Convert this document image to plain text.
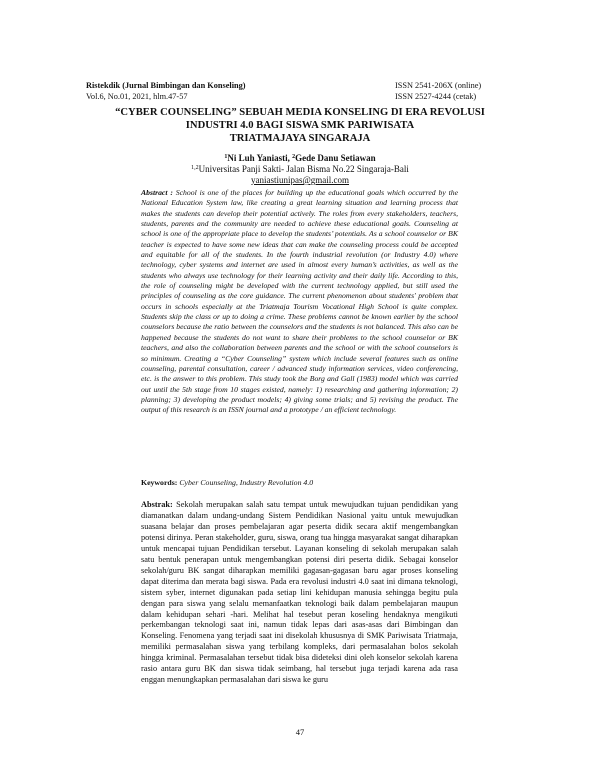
Ristekdik (Jurnal Bimbingan dan Konseling)
Vol.6, No.01, 2021, hlm.47-57
ISSN 2541-206X (online)
ISSN 2527-4244 (cetak)
“CYBER COUNSELING” SEBUAH MEDIA KONSELING DI ERA REVOLUSI
INDUSTRI 4.0 BAGI SISWA SMK PARIWISATA
TRIATMAJAYA SINGARAJA
$^1$Ni Luh Yaniasti, $^2$Gede Danu Setiawan
$^{1,2}$Universitas Panji Sakti- Jalan Bisma No.22 Singaraja-Bali
yaniastiunipas@gmail.com
Abstract : School is one of the places for building up the educational goals which occurred by the National Education System law, like creating a great learning situation and learning process that makes the students can develop their potential actively. The roles from every stakeholders, teachers, students, parents and the community are needed to achieve these educational goals. Counseling at school is one of the appropriate place to develop the students’ potentials. As a school counselor or BK teacher is expected to have some new ideas that can make the counseling process could be accepted and equitable for all of the students. In the fourth industrial revolution (or Industry 4.0) where technology, cyber systems and internet are used in almost every human’s activities, as well as the students who always use technology for their learning activity and their daily life. According to this, the role of counseling might be developed with the current technology applied, but still used the principles of counseling as the core guidance. The current phenomenon about students' problem that occurs in schools especially at the Triatmaja Tourism Vocational High School is quite complex. Students skip the class or up to doing a crime. These problems cannot be known earlier by the school counselors because the ratio between the counselors and the students is not balanced. This also can be happened because the students do not want to share their problems to the school counselor or BK teachers, and also the collaboration between parents and the school or with the school counselors is so minimum. Creating a “Cyber Counseling” system which include several features such as online counseling, parental consultation, career / advanced study information services, video conferencing, etc. is the answer to this problem. This study took the Borg and Gall (1983) model which was carried out until the 5th stage from 10 stages existed, namely: 1) researching and gathering information; 2) planning; 3) developing the product models; 4) giving some trials; and 5) revising the product. The output of this research is an ISSN journal and a prototype / an efficient technology.
Keywords: Cyber Counseling, Industry Revolution 4.0
Abstrak: Sekolah merupakan salah satu tempat untuk mewujudkan tujuan pendidikan yang diamanatkan dalam undang-undang Sistem Pendidikan Nasional yaitu untuk mewujudkan suasana belajar dan proses pembelajaran agar peserta didik secara aktif mengembangkan potensi dirinya. Peran stakeholder, guru, siswa, orang tua hingga masyarakat sangat diharapkan untuk mencapai tujuan Pendidikan tersebut. Layanan konseling di sekolah merupakan salah satu bentuk penerapan untuk mengembangkan potensi diri peserta didik. Sebagai konselor sekolah/guru BK sangat diharapkan memiliki gagasan-gagasan baru agar proses konseling dapat diterima dan merata bagi siswa. Pada era revolusi industri 4.0 saat ini dimana teknologi, sistem syber, internet digunakan pada setiap lini kehidupan manusia sehingga begitu pula dengan para siswa yang selalu memanfaatkan teknologi baik dalam pembelajaran maupun dalam kehidupan sehari -hari. Melihat hal tesebut peran koseling hendaknya mengikuti perkembangan teknologi saat ini, namun tidak lepas dari asas-asas dari Bimbingan dan Konseling. Fenomena yang terjadi saat ini disekolah khususnya di SMK Pariwisata Triatmaja, memiliki permasalahan siswa yang terbilang kompleks, dari permasalahan bolos sekolah hingga kriminal. Permasalahan tersebut tidak bisa dideteksi dini oleh konselor sekolah karena rasio antara guru BK dan siswa tidak seimbang, hal tersebut juga terjadi karena ada rasa enggan menungkapkan permasalahan dari siswa ke guru
47
